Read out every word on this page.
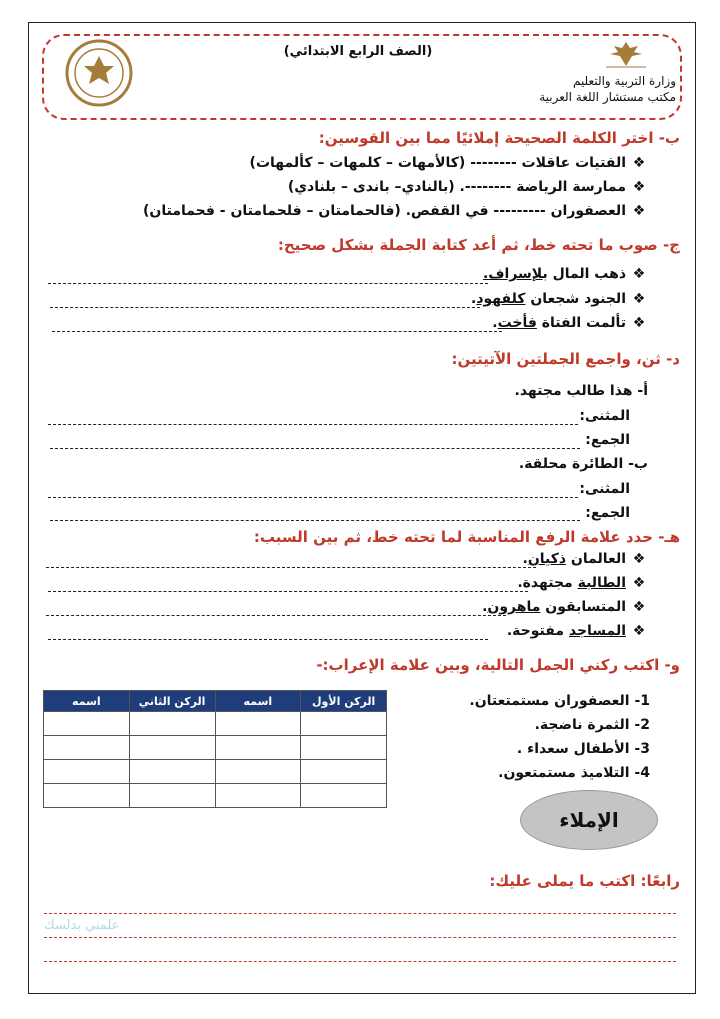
وزارة التربية والتعليم
مكتب مستشار اللغة العربية
(الصف الرابع الابتدائي)
ب- اختر الكلمة الصحيحة إملائيًا مما بين القوسين:
❖الفتيات عاقلات -------- (كالأمهات – كلمهات – كألمهات)
❖ممارسة الرياضة --------. (بالنادي– باندى – بلنادي)
❖العصفوران --------- في القفص. (فالحمامتان – فلحمامتان - فحمامتان)
ج- صوب ما تحته خط، ثم أعد كتابة الجملة بشكل صحيح:
❖ذهب المال بلإسراف.
❖الجنود شجعان كلفهود.
❖تألمت الفتاة فأخت.
د- ثن، واجمع الجملتين الآتيتين:
أ- هذا طالب مجتهد.
المثنى:
الجمع:
ب- الطائرة محلقة.
المثنى:
الجمع:
هـ- حدد علامة الرفع المناسبة لما تحته خط، ثم بين السبب:
❖العالمان ذكيان.
❖الطالبة مجتهدة.
❖المتسابقون ماهرون.
❖المساجد مفتوحة.
و- اكتب ركني الجمل التالية، وبين علامة الإعراب:-
1- العصفوران مستمتعتان.
2- الثمرة ناضجة.
3- الأطفال سعداء .
4- التلاميذ مستمتعون.
اسمه	الركن الثاني	اسمه	الركن الأول

الإملاء
رابعًا: اكتب ما يملى عليك:
علمني بدلسك
